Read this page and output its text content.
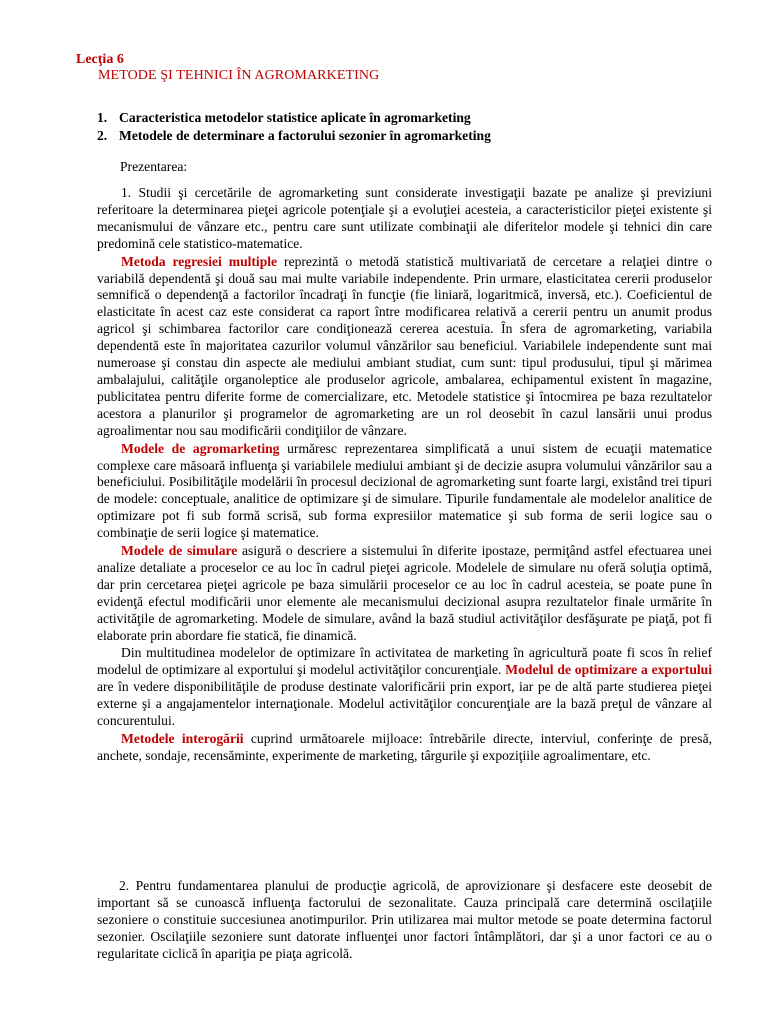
Lecţia 6
METODE ŞI TEHNICI ÎN AGROMARKETING
1. Caracteristica metodelor statistice aplicate în agromarketing
2. Metodele de determinare a factorului sezonier în agromarketing
Prezentarea:

1. Studii şi cercetările de agromarketing sunt considerate investigaţii bazate pe analize şi previziuni referitoare la determinarea pieţei agricole potenţiale şi a evoluţiei acesteia, a caracteristicilor pieţei existente şi mecanismului de vânzare etc., pentru care sunt utilizate combinaţii ale diferitelor modele şi tehnici din care predomină cele statistico-matematice.

Metoda regresiei multiple reprezintă o metodă statistică multivariată de cercetare a relaţiei dintre o variabilă dependentă şi două sau mai multe variabile independente. Prin urmare, elasticitatea cererii produselor semnifică o dependenţă a factorilor încadraţi în funcţie (fie liniară, logaritmică, inversă, etc.). Coeficientul de elasticitate în acest caz este considerat ca raport între modificarea relativă a cererii pentru un anumit produs agricol şi schimbarea factorilor care condiţionează cererea acestuia. În sfera de agromarketing, variabila dependentă este în majoritatea cazurilor volumul vânzărilor sau beneficiul. Variabilele independente sunt mai numeroase şi constau din aspecte ale mediului ambiant studiat, cum sunt: tipul produsului, tipul şi mărimea ambalajului, calităţile organoleptice ale produselor agricole, ambalarea, echipamentul existent în magazine, publicitatea pentru diferite forme de comercializare, etc. Metodele statistice şi întocmirea pe baza rezultatelor acestora a planurilor şi programelor de agromarketing are un rol deosebit în cazul lansării unui produs agroalimentar nou sau modificării condiţiilor de vânzare.

Modele de agromarketing urmăresc reprezentarea simplificată a unui sistem de ecuaţii matematice complexe care măsoară influenţa şi variabilele mediului ambiant şi de decizie asupra volumului vânzărilor sau a beneficiului. Posibilităţile modelării în procesul decizional de agromarketing sunt foarte largi, existând trei tipuri de modele: conceptuale, analitice de optimizare şi de simulare. Tipurile fundamentale ale modelelor analitice de optimizare pot fi sub formă scrisă, sub forma expresiilor matematice şi sub forma de serii logice sau o combinaţie de serii logice şi matematice.

Modele de simulare asigură o descriere a sistemului în diferite ipostaze, permiţând astfel efectuarea unei analize detaliate a proceselor ce au loc în cadrul pieţei agricole. Modelele de simulare nu oferă soluţia optimă, dar prin cercetarea pieţei agricole pe baza simulării proceselor ce au loc în cadrul acesteia, se poate pune în evidenţă efectul modificării unor elemente ale mecanismului decizional asupra rezultatelor finale urmărite în activităţile de agromarketing. Modele de simulare, având la bază studiul activităţilor desfăşurate pe piaţă, pot fi elaborate prin abordare fie statică, fie dinamică.

Din multitudinea modelelor de optimizare în activitatea de marketing în agricultură poate fi scos în relief modelul de optimizare al exportului şi modelul activităţilor concurenţiale. Modelul de optimizare a exportului are în vedere disponibilităţile de produse destinate valorificării prin export, iar pe de altă parte studierea pieţei externe şi a angajamentelor internaţionale. Modelul activităţilor concurenţiale are la bază preţul de vânzare al concurentului.

Metodele interogării cuprind următoarele mijloace: întrebările directe, interviul, conferinţe de presă, anchete, sondaje, recensăminte, experimente de marketing, târgurile şi expoziţiile agroalimentare, etc.

2. Pentru fundamentarea planului de producţie agricolă, de aprovizionare şi desfacere este deosebit de important să se cunoască influenţa factorului de sezonalitate. Cauza principală care determină oscilaţiile sezoniere o constituie succesiunea anotimpurilor. Prin utilizarea mai multor metode se poate determina factorul sezonier. Oscilaţiile sezoniere sunt datorate influenţei unor factori întâmplători, dar şi a unor factori ce au o regularitate ciclică în apariţia pe piaţa agricolă.
